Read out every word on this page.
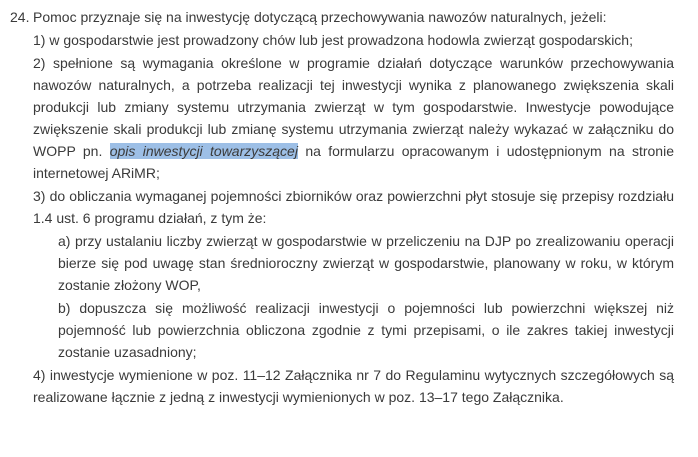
24. Pomoc przyznaje się na inwestycję dotyczącą przechowywania nawozów naturalnych, jeżeli:
1) w gospodarstwie jest prowadzony chów lub jest prowadzona hodowla zwierząt gospodarskich;
2) spełnione są wymagania określone w programie działań dotyczące warunków przechowywania nawozów naturalnych, a potrzeba realizacji tej inwestycji wynika z planowanego zwiększenia skali produkcji lub zmiany systemu utrzymania zwierząt w tym gospodarstwie. Inwestycje powodujące zwiększenie skali produkcji lub zmianę systemu utrzymania zwierząt należy wykazać w załączniku do WOPP pn. opis inwestycji towarzyszącej na formularzu opracowanym i udostępnionym na stronie internetowej ARiMR;
3) do obliczania wymaganej pojemności zbiorników oraz powierzchni płyt stosuje się przepisy rozdziału 1.4 ust. 6 programu działań, z tym że:
a) przy ustalaniu liczby zwierząt w gospodarstwie w przeliczeniu na DJP po zrealizowaniu operacji bierze się pod uwagę stan średnioroczny zwierząt w gospodarstwie, planowany w roku, w którym zostanie złożony WOP,
b) dopuszcza się możliwość realizacji inwestycji o pojemności lub powierzchni większej niż pojemność lub powierzchnia obliczona zgodnie z tymi przepisami, o ile zakres takiej inwestycji zostanie uzasadniony;
4) inwestycje wymienione w poz. 11–12 Załącznika nr 7 do Regulaminu wytycznych szczegółowych są realizowane łącznie z jedną z inwestycji wymienionych w poz. 13–17 tego Załącznika.
